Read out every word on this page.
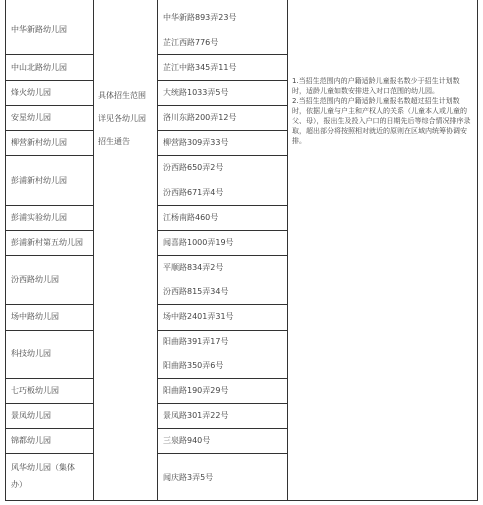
中华新路幼儿园
中山北路幼儿园
烽火幼儿园
安星幼儿园
柳营新村幼儿园
彭浦新村幼儿园
彭浦实验幼儿园
彭浦新村第五幼儿园
汾西路幼儿园
场中路幼儿园
科技幼儿园
七巧板幼儿园
景凤幼儿园
锦都幼儿园
风华幼儿园（集体办）
具体招生范围
详见各幼儿园
招生通告
中华新路893弄23号
芷江西路776号
芷江中路345弄11号
大统路1033弄5号
洛川东路200弄12号
柳营路309弄33号
汾西路650弄2号
汾西路671弄4号
江杨南路460号
闻喜路1000弄19号
平顺路834弄2号
汾西路815弄34号
场中路2401弄31号
阳曲路391弄17号
阳曲路350弄6号
阳曲路190弄29号
景凤路301弄22号
三泉路940号
闻庆路3弄5号

1.当招生范围内的户籍适龄儿童报名数少于招生计划数时，适龄儿童如数安排进入对口范围的幼儿园。

2.当招生范围内的户籍适龄儿童报名数超过招生计划数时，依据儿童与户主和产权人的关系（儿童本人或儿童的父、母），报出生及投入户口的日期先后等综合情况排序录取，超出部分将按照相对就近的原则在区域内统筹协调安排。
